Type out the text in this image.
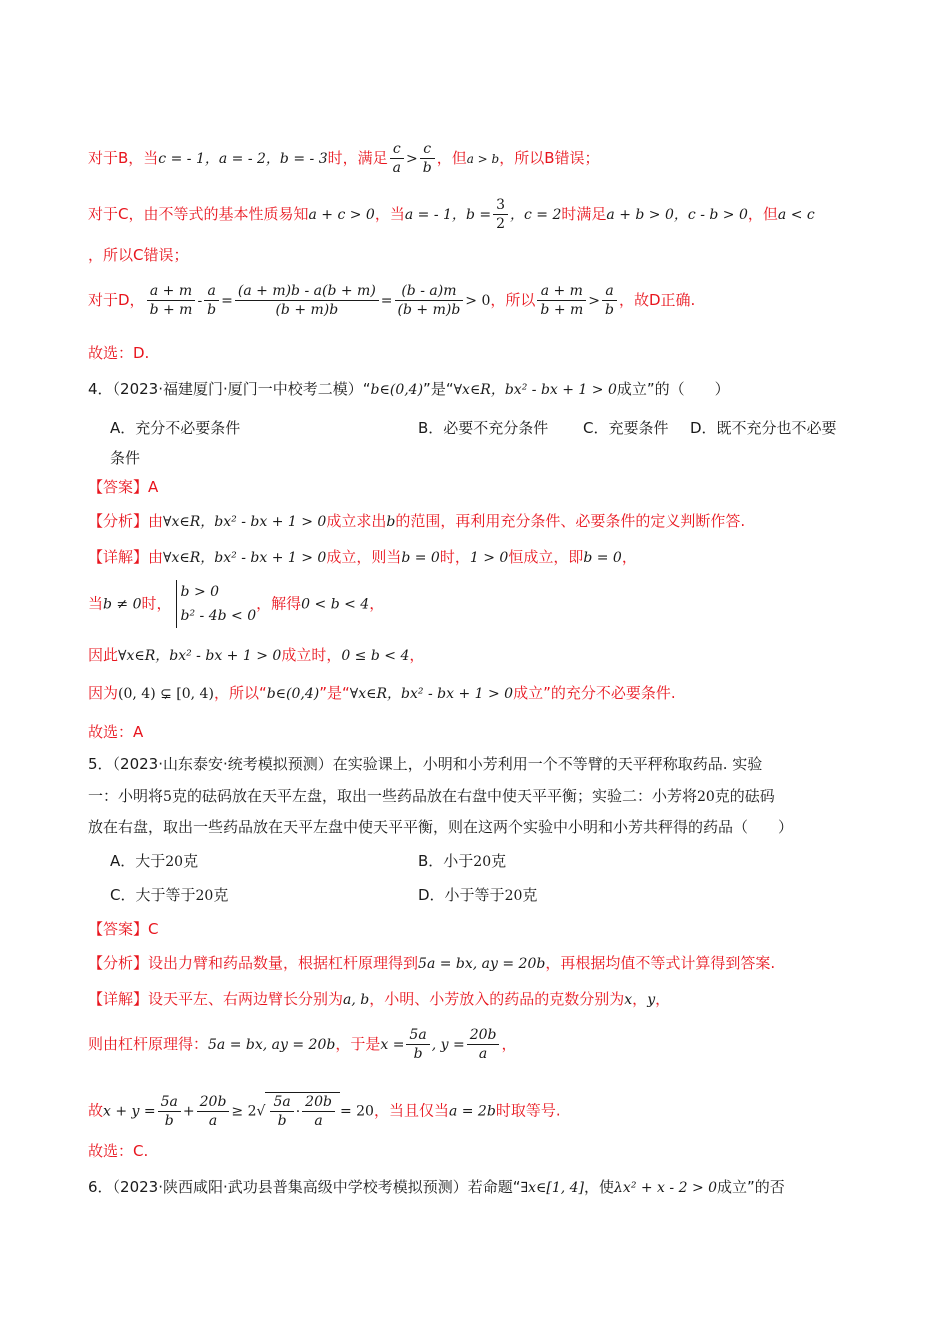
对于B，当c = - 1，a = - 2，b = - 3时，满足 $\frac{c}{a} > \frac{c}{b}$ ，但a > b，所以B错误；
对于C，由不等式的基本性质易知a + c > 0，当a = - 1，$b = \frac{3}{2}$ ，c = 2时满足a + b > 0，c - b > 0，但a < c
，所以C错误；
对于D， $\frac{a + m}{b + m} - \frac{a}{b} = \frac{(a + m)b - a(b + m)}{(b + m)b} = \frac{(b - a)m}{(b + m)b} > 0$，所以 $\frac{a + m}{b + m} > \frac{a}{b}$ ，故D正确.
故选：D.
4．（2023·福建厦门·厦门一中校考二模）“b∈(0,4)”是“∀x∈R，bx² - bx + 1 > 0成立”的（　　）
A．充分不必要条件	B．必要不充分条件 C．充要条件 D．既不充分也不必要
条件
【答案】A
【分析】由∀x∈R，bx² - bx + 1 > 0成立求出b的范围，再利用充分条件、必要条件的定义判断作答.
【详解】由∀x∈R，bx² - bx + 1 > 0成立，则当b = 0时，1 > 0恒成立，即b = 0，
当b ≠ 0时，
b > 0
b² - 4b < 0
，解得0 < b < 4，
因此∀x∈R，bx² - bx + 1 > 0成立时，0 ≤ b < 4，
因为(0, 4) ⊊ [0, 4)，所以“b∈(0,4)”是“∀x∈R，bx² - bx + 1 > 0成立”的充分不必要条件.
故选：A
5．（2023·山东泰安·统考模拟预测）在实验课上，小明和小芳利用一个不等臂的天平秤称取药品. 实验
一：小明将5克的砝码放在天平左盘，取出一些药品放在右盘中使天平平衡；实验二：小芳将20克的砝码
放在右盘，取出一些药品放在天平左盘中使天平平衡，则在这两个实验中小明和小芳共秤得的药品（　　）
A．大于20克	B．小于20克
C．大于等于20克	D．小于等于20克
【答案】C
【分析】设出力臂和药品数量，根据杠杆原理得到5a = bx, ay = 20b，再根据均值不等式计算得到答案.
【详解】设天平左、右两边臂长分别为a, b，小明、小芳放入的药品的克数分别为x，y，
则由杠杆原理得：5a = bx, ay = 20b，于是$x = \frac{5a}{b}$ , $y = \frac{20b}{a}$ ，
故$x + y = \frac{5a}{b} + \frac{20b}{a} \ge 2√ \frac{5a}{b} \cdot \frac{20b}{a} = 20$，当且仅当a = 2b时取等号.
故选：C.
6．（2023·陕西咸阳·武功县普集高级中学校考模拟预测）若命题“∃x∈[1, 4]，使λx² + x - 2 > 0成立”的否
